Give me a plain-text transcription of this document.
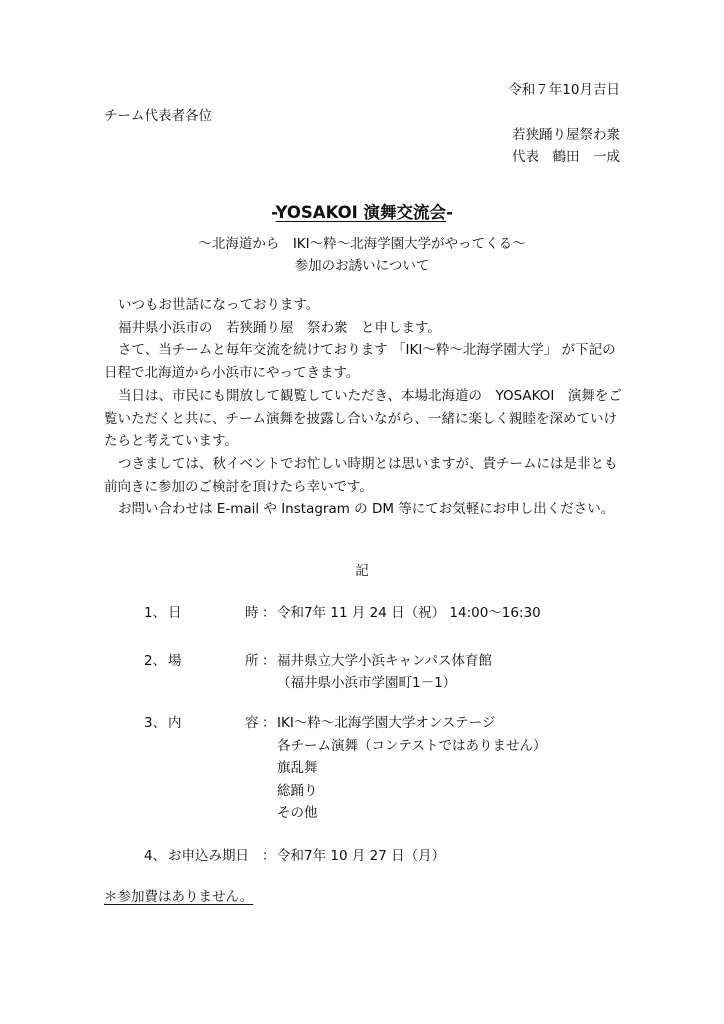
令和７年10月吉日
チーム代表者各位
若狭踊り屋祭わ衆
代表　鶴田　一成
-YOSAKOI 演舞交流会-
～北海道から　IKI～粋～北海学園大学がやってくる～
参加のお誘いについて

いつもお世話になっております。

福井県小浜市の　若狭踊り屋　祭わ衆　と申します。

さて、当チームと毎年交流を続けております 「IKI～粋～北海学園大学」 が下記の日程で北海道から小浜市にやってきます。

当日は、市民にも開放して観覧していただき、本場北海道の　YOSAKOI　演舞をご覧いただくと共に、チーム演舞を披露し合いながら、一緒に楽しく親睦を深めていけたらと考えています。

つきましては、秋イベントでお忙しい時期とは思いますが、貴チームには是非とも前向きに参加のご検討を頂けたら幸いです。

お問い合わせは E-mail や Instagram の DM 等にてお気軽にお申し出ください。

記
1、 日	時 ： 令和7年 11 月 24 日（祝） 14:00～16:30
2、 場	所 ： 福井県立大学小浜キャンパス体育館
（福井県小浜市学園町1－1）
3、 内	容 ： IKI～粋～北海学園大学オンステージ
各チーム演舞（コンテストではありません）
旗乱舞
総踊り
その他
4、 お申込み期日 ： 令和7年 10 月 27 日（月）
＊参加費はありません。
